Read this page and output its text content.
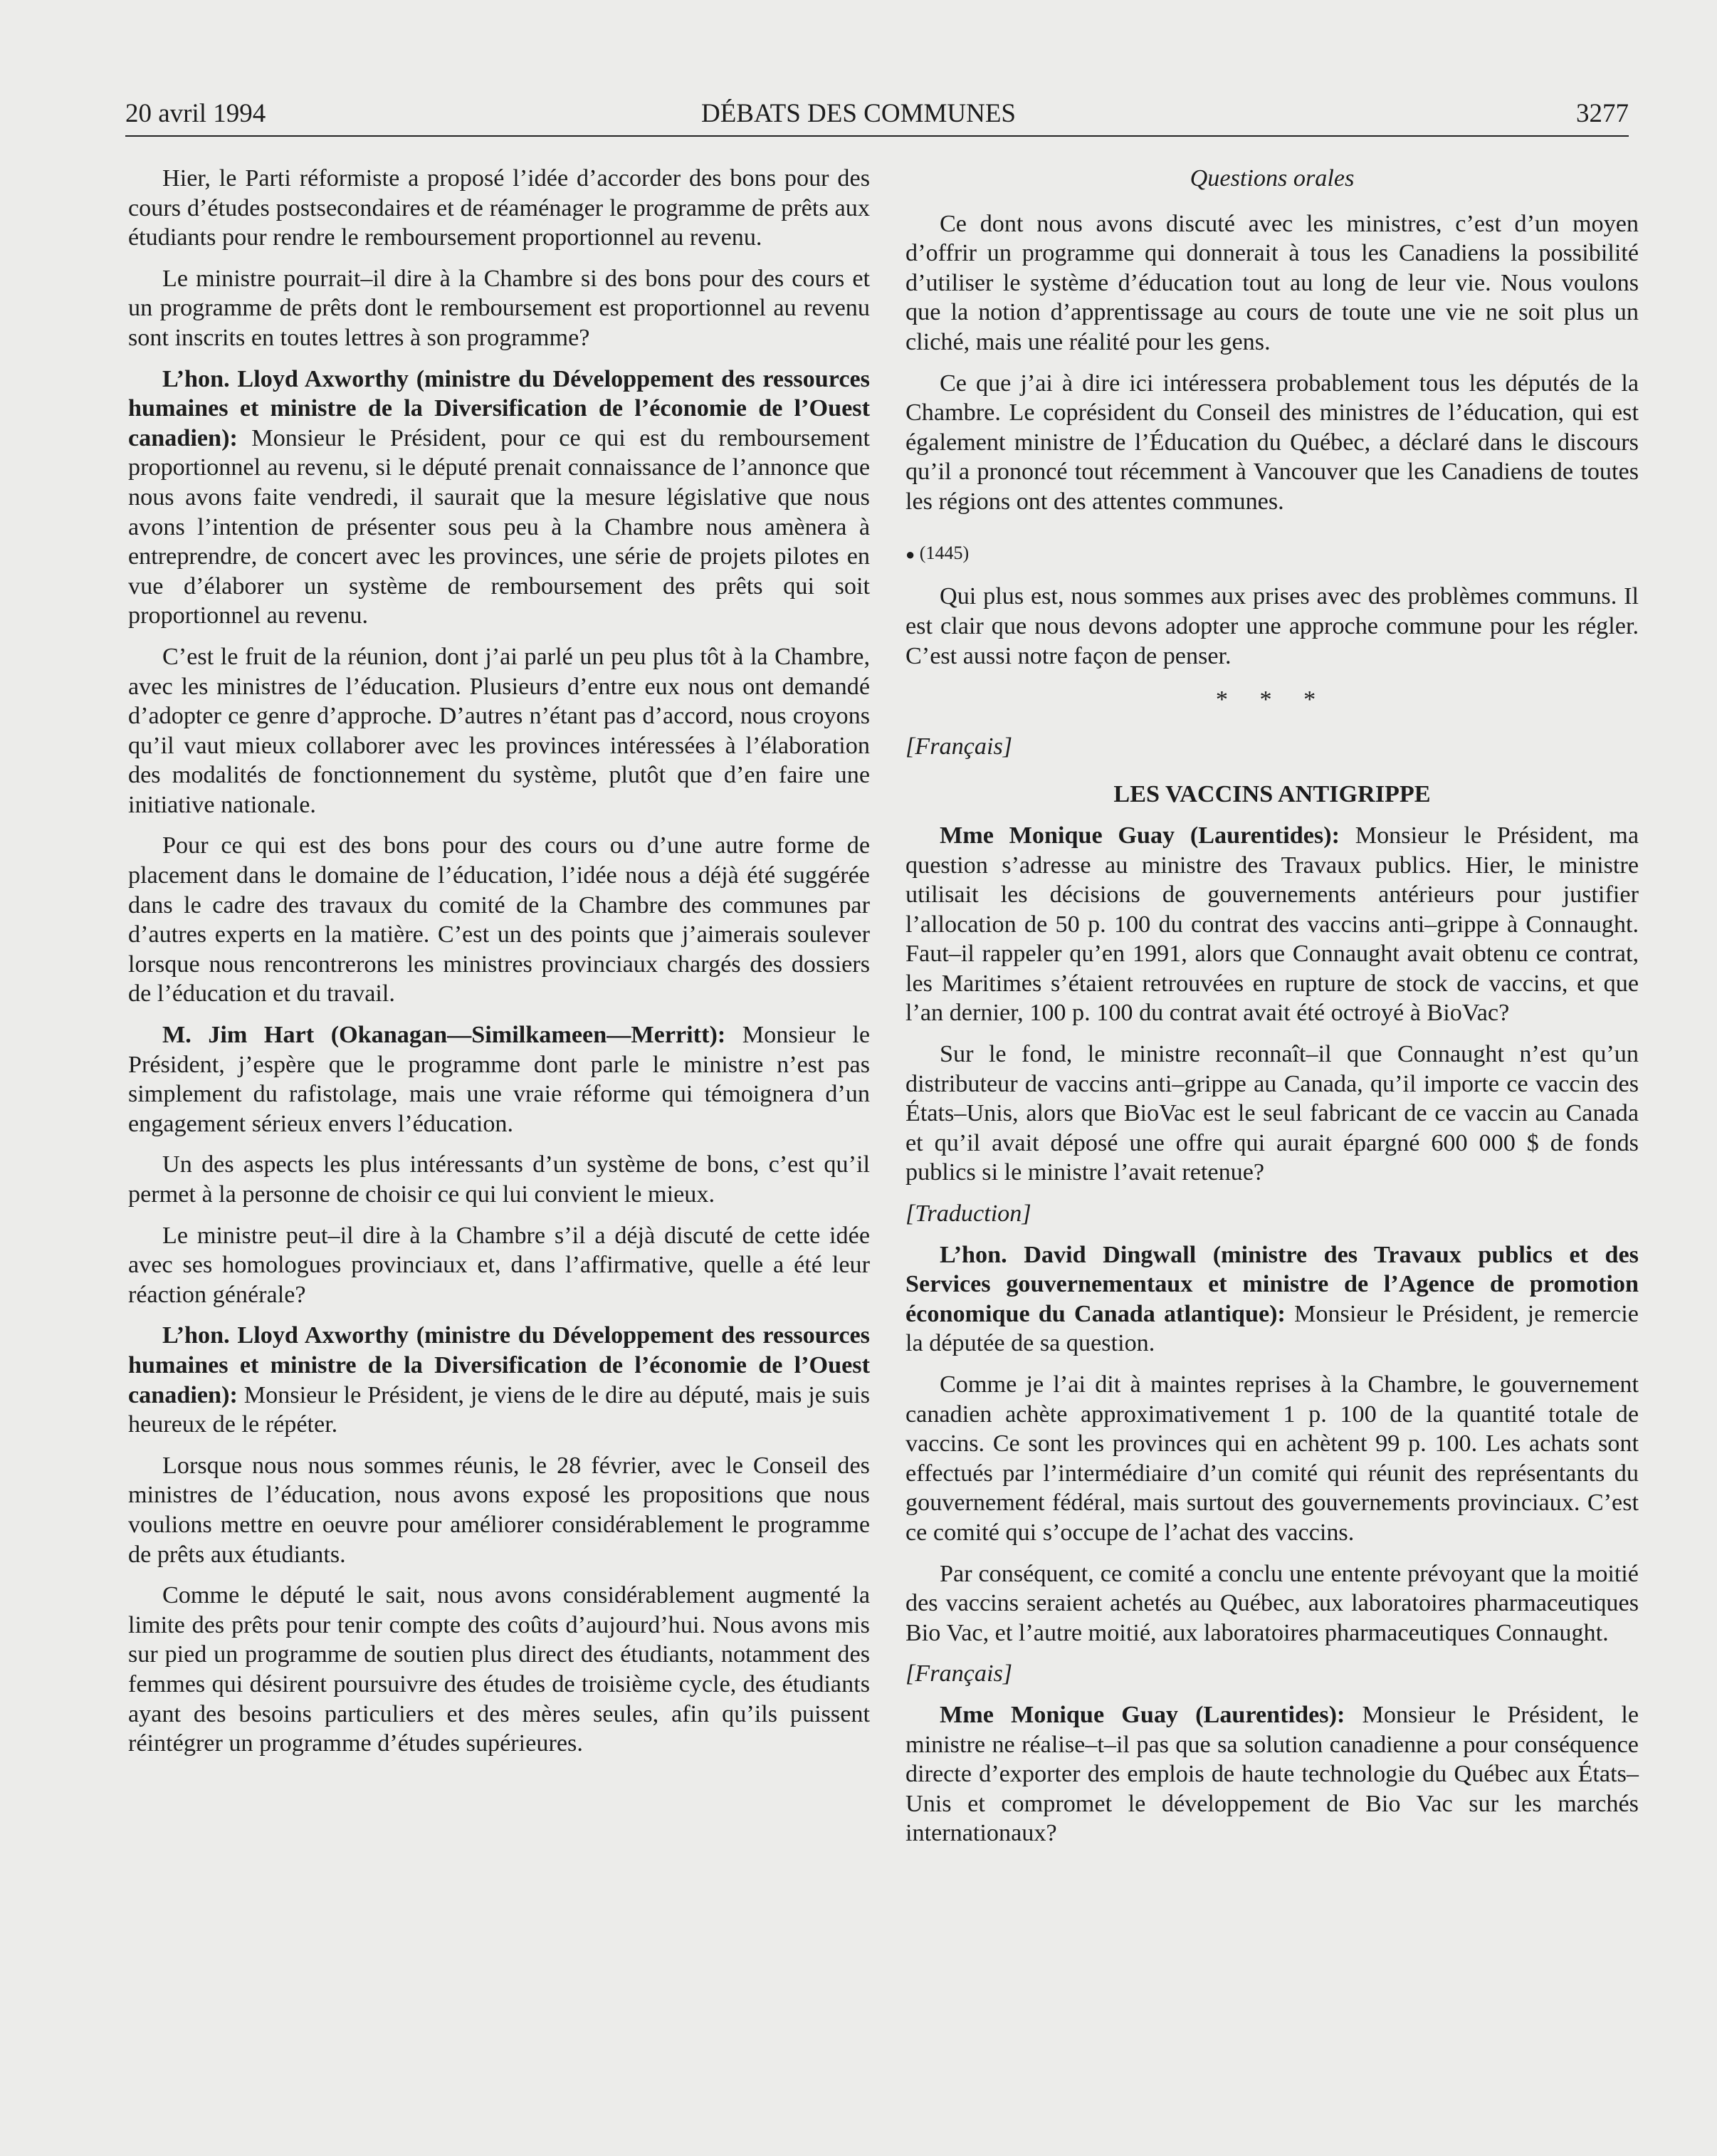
20 avril 1994	DÉBATS DES COMMUNES	3277

Hier, le Parti réformiste a proposé l’idée d’accorder des bons pour des cours d’études postsecondaires et de réaménager le programme de prêts aux étudiants pour rendre le remboursement proportionnel au revenu.

Le ministre pourrait–il dire à la Chambre si des bons pour des cours et un programme de prêts dont le remboursement est proportionnel au revenu sont inscrits en toutes lettres à son programme?

L’hon. Lloyd Axworthy (ministre du Développement des ressources humaines et ministre de la Diversification de l’économie de l’Ouest canadien): Monsieur le Président, pour ce qui est du remboursement proportionnel au revenu, si le député prenait connaissance de l’annonce que nous avons faite vendredi, il saurait que la mesure législative que nous avons l’intention de présenter sous peu à la Chambre nous amènera à entreprendre, de concert avec les provinces, une série de projets pilotes en vue d’élaborer un système de remboursement des prêts qui soit proportionnel au revenu.

C’est le fruit de la réunion, dont j’ai parlé un peu plus tôt à la Chambre, avec les ministres de l’éducation. Plusieurs d’entre eux nous ont demandé d’adopter ce genre d’approche. D’autres n’étant pas d’accord, nous croyons qu’il vaut mieux collaborer avec les provinces intéressées à l’élaboration des modalités de fonctionnement du système, plutôt que d’en faire une initiative nationale.

Pour ce qui est des bons pour des cours ou d’une autre forme de placement dans le domaine de l’éducation, l’idée nous a déjà été suggérée dans le cadre des travaux du comité de la Chambre des communes par d’autres experts en la matière. C’est un des points que j’aimerais soulever lorsque nous rencontrerons les ministres provinciaux chargés des dossiers de l’éducation et du travail.

M. Jim Hart (Okanagan—Similkameen—Merritt): Monsieur le Président, j’espère que le programme dont parle le ministre n’est pas simplement du rafistolage, mais une vraie réforme qui témoignera d’un engagement sérieux envers l’éducation.

Un des aspects les plus intéressants d’un système de bons, c’est qu’il permet à la personne de choisir ce qui lui convient le mieux.

Le ministre peut–il dire à la Chambre s’il a déjà discuté de cette idée avec ses homologues provinciaux et, dans l’affirmative, quelle a été leur réaction générale?

L’hon. Lloyd Axworthy (ministre du Développement des ressources humaines et ministre de la Diversification de l’économie de l’Ouest canadien): Monsieur le Président, je viens de le dire au député, mais je suis heureux de le répéter.

Lorsque nous nous sommes réunis, le 28 février, avec le Conseil des ministres de l’éducation, nous avons exposé les propositions que nous voulions mettre en oeuvre pour améliorer considérablement le programme de prêts aux étudiants.

Comme le député le sait, nous avons considérablement augmenté la limite des prêts pour tenir compte des coûts d’aujourd’hui. Nous avons mis sur pied un programme de soutien plus direct des étudiants, notamment des femmes qui désirent poursuivre des études de troisième cycle, des étudiants ayant des besoins particuliers et des mères seules, afin qu’ils puissent réintégrer un programme d’études supérieures.

Questions orales

Ce dont nous avons discuté avec les ministres, c’est d’un moyen d’offrir un programme qui donnerait à tous les Canadiens la possibilité d’utiliser le système d’éducation tout au long de leur vie. Nous voulons que la notion d’apprentissage au cours de toute une vie ne soit plus un cliché, mais une réalité pour les gens.

Ce que j’ai à dire ici intéressera probablement tous les députés de la Chambre. Le coprésident du Conseil des ministres de l’éducation, qui est également ministre de l’Éducation du Québec, a déclaré dans le discours qu’il a prononcé tout récemment à Vancouver que les Canadiens de toutes les régions ont des attentes communes.

● (1445)

Qui plus est, nous sommes aux prises avec des problèmes communs. Il est clair que nous devons adopter une approche commune pour les régler. C’est aussi notre façon de penser.

* * *

[Français]

LES VACCINS ANTIGRIPPE

Mme Monique Guay (Laurentides): Monsieur le Président, ma question s’adresse au ministre des Travaux publics. Hier, le ministre utilisait les décisions de gouvernements antérieurs pour justifier l’allocation de 50 p. 100 du contrat des vaccins anti–grippe à Connaught. Faut–il rappeler qu’en 1991, alors que Connaught avait obtenu ce contrat, les Maritimes s’étaient retrouvées en rupture de stock de vaccins, et que l’an dernier, 100 p. 100 du contrat avait été octroyé à BioVac?

Sur le fond, le ministre reconnaît–il que Connaught n’est qu’un distributeur de vaccins anti–grippe au Canada, qu’il importe ce vaccin des États–Unis, alors que BioVac est le seul fabricant de ce vaccin au Canada et qu’il avait déposé une offre qui aurait épargné 600 000 $ de fonds publics si le ministre l’avait retenue?

[Traduction]

L’hon. David Dingwall (ministre des Travaux publics et des Services gouvernementaux et ministre de l’Agence de promotion économique du Canada atlantique): Monsieur le Président, je remercie la députée de sa question.

Comme je l’ai dit à maintes reprises à la Chambre, le gouvernement canadien achète approximativement 1 p. 100 de la quantité totale de vaccins. Ce sont les provinces qui en achètent 99 p. 100. Les achats sont effectués par l’intermédiaire d’un comité qui réunit des représentants du gouvernement fédéral, mais surtout des gouvernements provinciaux. C’est ce comité qui s’occupe de l’achat des vaccins.

Par conséquent, ce comité a conclu une entente prévoyant que la moitié des vaccins seraient achetés au Québec, aux laboratoires pharmaceutiques Bio Vac, et l’autre moitié, aux laboratoires pharmaceutiques Connaught.

[Français]

Mme Monique Guay (Laurentides): Monsieur le Président, le ministre ne réalise–t–il pas que sa solution canadienne a pour conséquence directe d’exporter des emplois de haute technologie du Québec aux États–Unis et compromet le développement de Bio Vac sur les marchés internationaux?
